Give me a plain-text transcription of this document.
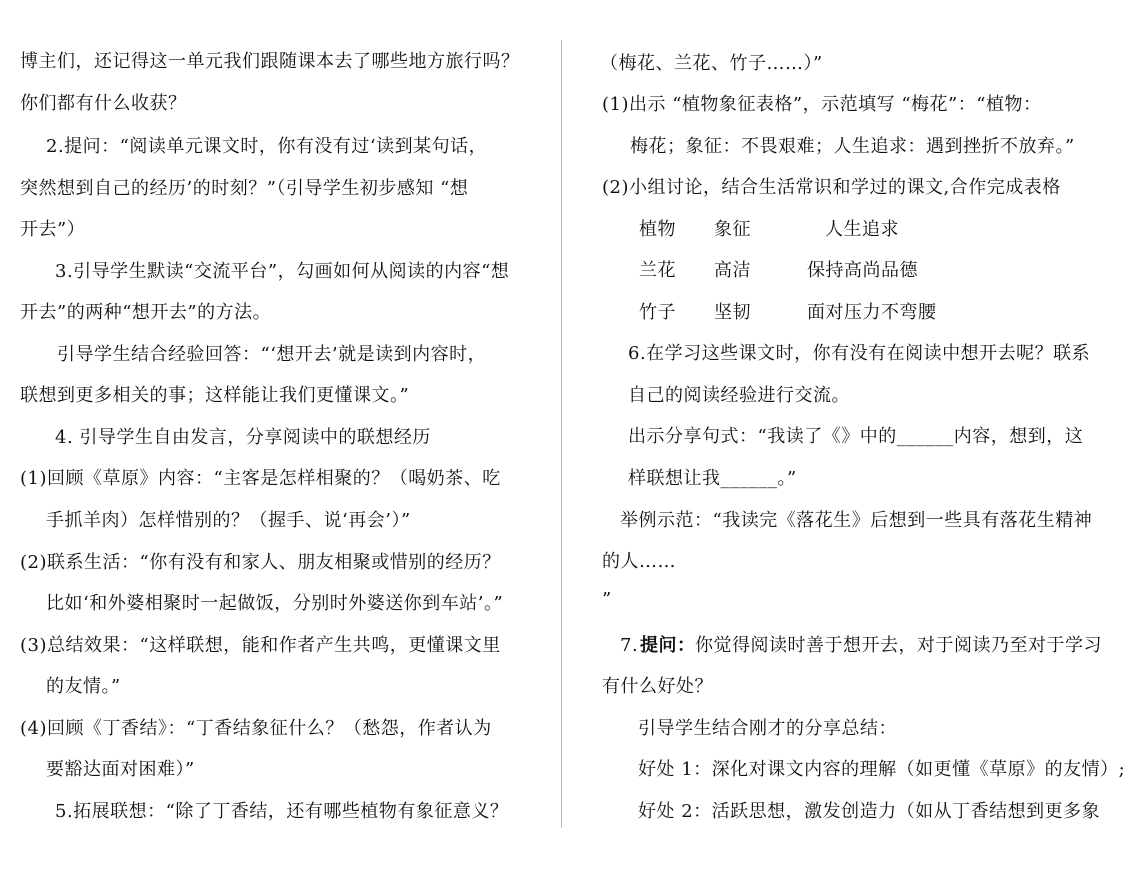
博主们，还记得这一单元我们跟随课本去了哪些地方旅行吗？
你们都有什么收获？
2.提问：“阅读单元课文时，你有没有过‘读到某句话，
突然想到自己的经历’的时刻？”（引导学生初步感知 “想
开去”）
3.引导学生默读“交流平台”，勾画如何从阅读的内容“想
开去”的两种“想开去”的方法。
引导学生结合经验回答：“‘想开去’就是读到内容时，
联想到更多相关的事；这样能让我们更懂课文。”
4. 引导学生自由发言，分享阅读中的联想经历
(1)回顾《草原》内容：“主客是怎样相聚的？（喝奶茶、吃
手抓羊肉）怎样惜别的？（握手、说‘再会’）”
(2)联系生活：“你有没有和家人、朋友相聚或惜别的经历？
比如‘和外婆相聚时一起做饭，分别时外婆送你到车站’。”
(3)总结效果：“这样联想，能和作者产生共鸣，更懂课文里
的友情。”
(4)回顾《丁香结》：“丁香结象征什么？（愁怨，作者认为
要豁达面对困难）”
5.拓展联想：“除了丁香结，还有哪些植物有象征意义？
（梅花、兰花、竹子……）”
(1)出示 “植物象征表格”，示范填写 “梅花”：“植物：
梅花；象征：不畏艰难；人生追求：遇到挫折不放弃。”
(2)小组讨论，结合生活常识和学过的课文,合作完成表格
植物 象征	人生追求
兰花 高洁	保持高尚品德
竹子 坚韧	面对压力不弯腰
6.在学习这些课文时，你有没有在阅读中想开去呢？联系
自己的阅读经验进行交流。
出示分享句式：“我读了《》中的______内容，想到，这
样联想让我______。”
举例示范：“我读完《落花生》后想到一些具有落花生精神
的人……
”
7. 提问： 你觉得阅读时善于想开去，对于阅读乃至对于学习
有什么好处？
引导学生结合刚才的分享总结：
好处 1：深化对课文内容的理解（如更懂《草原》的友情）;
好处 2：活跃思想，激发创造力（如从丁香结想到更多象
